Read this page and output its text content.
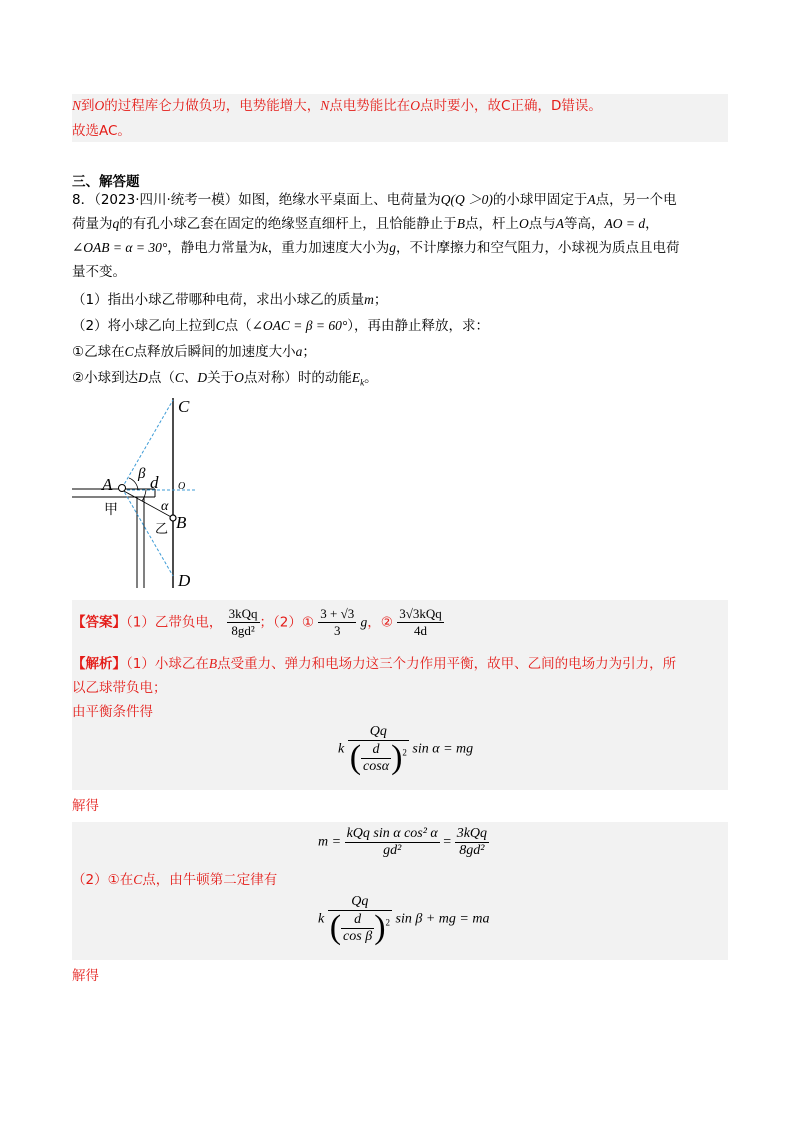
N到O的过程库仑力做负功，电势能增大，N点电势能比在O点时要小，故C正确，D错误。
故选AC。
三、解答题
8．（2023·四川·统考一模）如图，绝缘水平桌面上、电荷量为Q(Q ＞0)的小球甲固定于A点，另一个电
荷量为q的有孔小球乙套在固定的绝缘竖直细杆上，且恰能静止于B点，杆上O点与A等高，AO = d，
∠OAB = α = 30°，静电力常量为k，重力加速度大小为g，不计摩擦力和空气阻力，小球视为质点且电荷
量不变。
（1）指出小球乙带哪种电荷，求出小球乙的质量m；
（2）将小球乙向上拉到C点（∠OAC = β = 60°），再由静止释放，求：
①乙球在C点释放后瞬间的加速度大小a；
②小球到达D点（C、D关于O点对称）时的动能$E_k$。
C
A	O
B
D
β d
α
甲
乙
【答案】（1）乙带负电， $\frac{\text{3kQq}}{\text{8gd²}}$ ；（2）① $\frac{3 + √3}{3}$ g，② $\frac{\text{3√3kQq}}{4d}$
【解析】（1）小球乙在B点受重力、弹力和电场力这三个力作用平衡，故甲、乙间的电场力为引力，所
以乙球带负电；
由平衡条件得
k $\frac{Qq}{( \frac{d}{\cos\alpha} )^2}$ sin α = mg
解得
$m = \frac{\text{kQq sin α cos² α}}{\text{gd²}} = \frac{\text{3kQq}}{\text{8gd²}}$
（2）①在C点，由牛顿第二定律有
k $\frac{Qq}{( \frac{d}{\text{cos β}} )^2}$ sin β + mg = ma
解得
